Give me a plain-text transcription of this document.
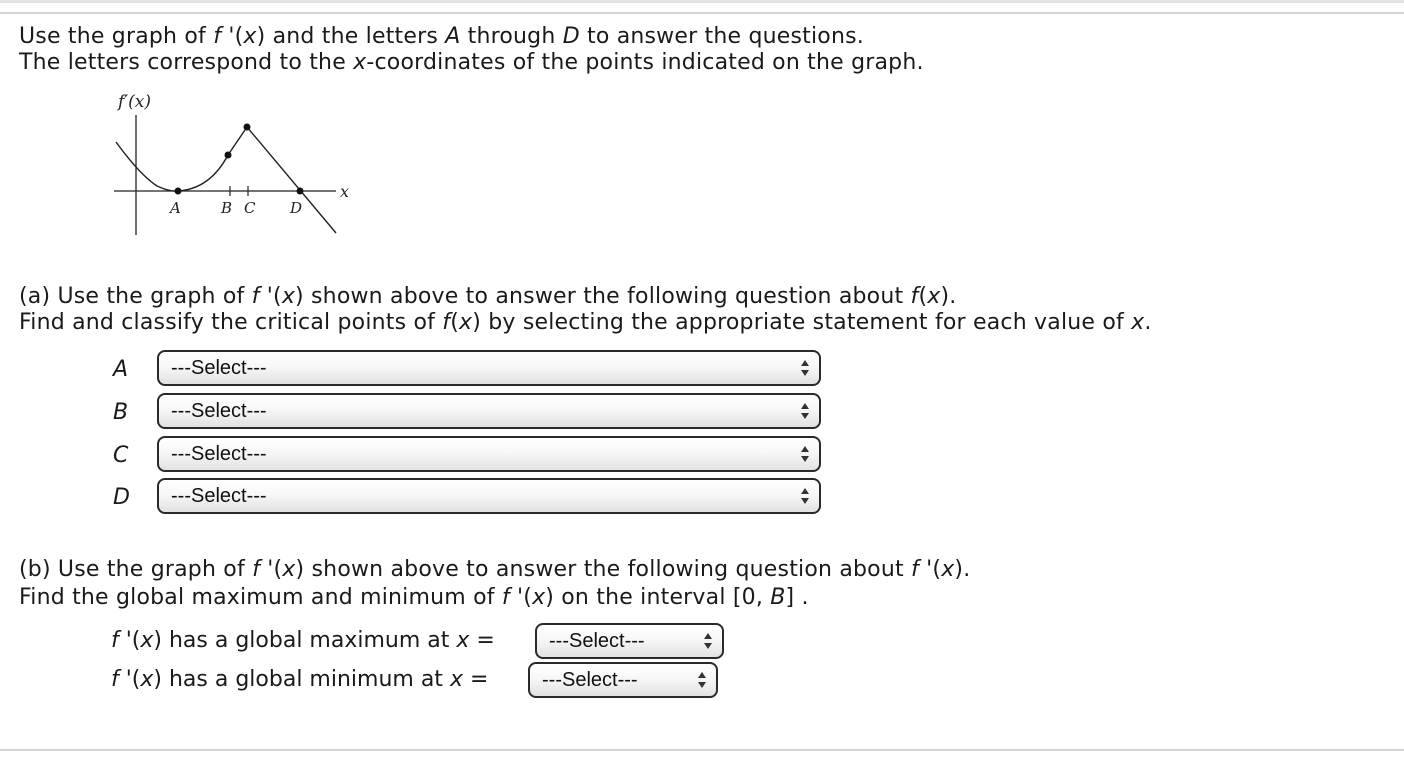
Use the graph of f '(x) and the letters A through D to answer the questions.
The letters correspond to the x-coordinates of the points indicated on the graph.
f′(x)
x
A	B C D
(a) Use the graph of f '(x) shown above to answer the following question about f(x).
Find and classify the critical points of f(x) by selecting the appropriate statement for each value of x.
A ---Select---
B ---Select---
C ---Select---
D ---Select---
(b) Use the graph of f '(x) shown above to answer the following question about f '(x).
Find the global maximum and minimum of f '(x) on the interval [0, B] .
f '(x) has a global maximum at x =	---Select---
f '(x) has a global minimum at x =	---Select---
